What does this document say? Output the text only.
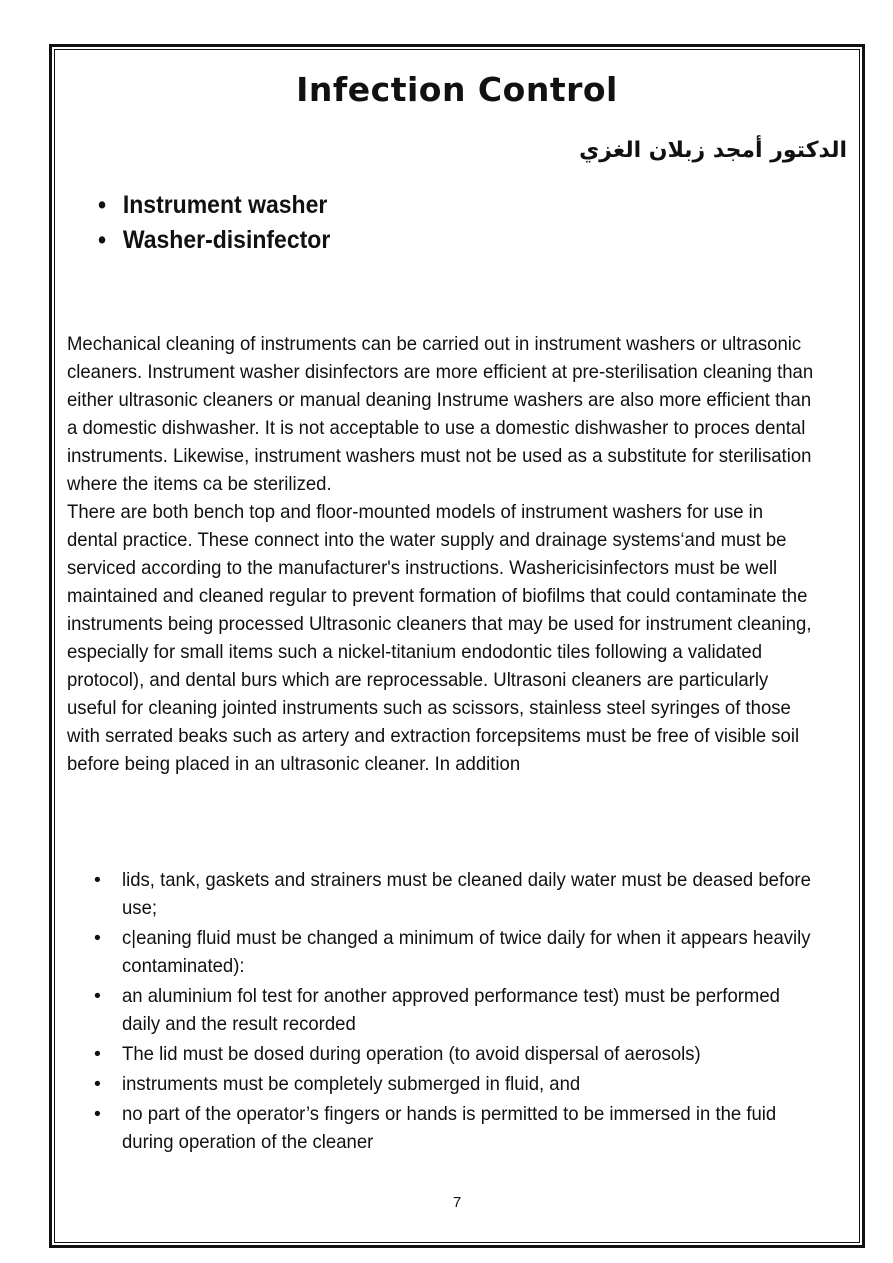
Infection Control
الدكتور أمجد زبلان الغزي
• Instrument washer
• Washer-disinfector

Mechanical cleaning of instruments can be carried out in instrument washers or ultrasonic cleaners. Instrument washer disinfectors are more efficient at pre-sterilisation cleaning than either ultrasonic cleaners or manual deaning Instrume washers are also more efficient than a domestic dishwasher. It is not acceptable to use a domestic dishwasher to proces dental instruments. Likewise, instrument washers must not be used as a substitute for sterilisation where the items ca be sterilized.

There are both bench top and floor-mounted models of instrument washers for use in dental practice. These connect into the water supply and drainage systems‘and must be serviced according to the manufacturer's instructions. Washericisinfectors must be well maintained and cleaned regular to prevent formation of biofilms that could contaminate the instruments being processed Ultrasonic cleaners that may be used for instrument cleaning, especially for small items such a nickel-titanium endodontic tiles following a validated protocol), and dental burs which are reprocessable. Ultrasoni cleaners are particularly useful for cleaning jointed instruments such as scissors, stainless steel syringes of those with serrated beaks such as artery and extraction forcepsitems must be free of visible soil before being placed in an ultrasonic cleaner. In addition

• lids, tank, gaskets and strainers must be cleaned daily water must be deased before use;
• c|eaning fluid must be changed a minimum of twice daily for when it appears heavily contaminated):
• an aluminium fol test for another approved performance test) must be performed daily and the result recorded
• The lid must be dosed during operation (to avoid dispersal of aerosols)
• instruments must be completely submerged in fluid, and
• no part of the operator’s fingers or hands is permitted to be immersed in the fuid during operation of the cleaner
7
